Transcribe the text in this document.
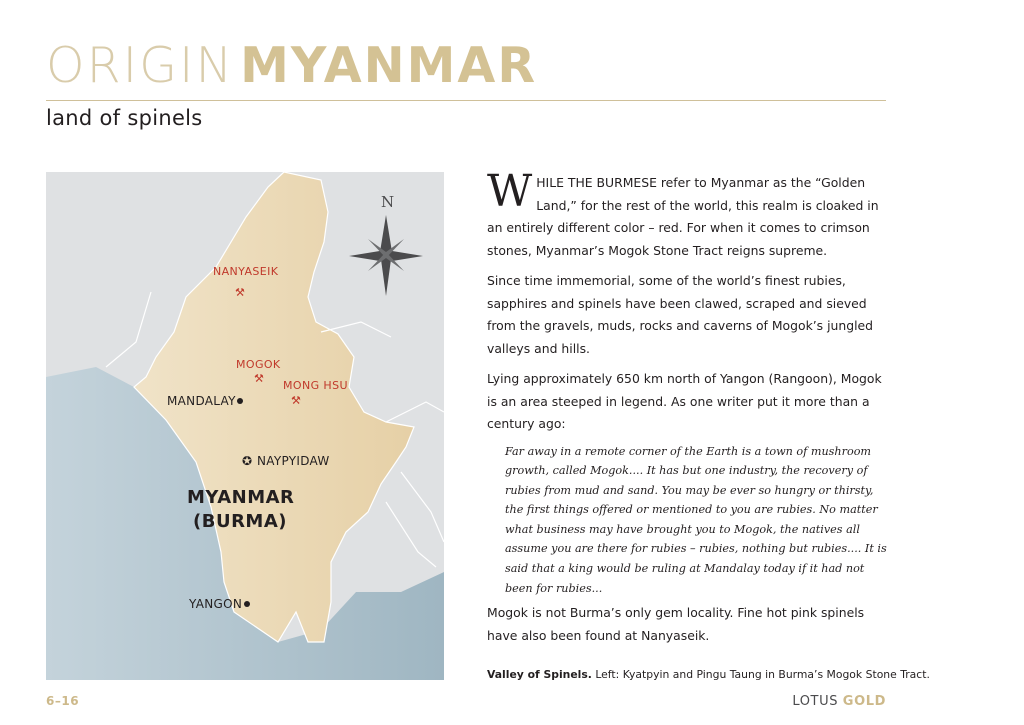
ORIGIN MYANMAR
land of spinels
N
NANYASEIK
⚒
MOGOK
⚒
MONG HSU
⚒
MANDALAY
✪ NAYPYIDAW
YANGON
MYANMAR
(BURMA)

WHILE THE BURMESE refer to Myanmar as the “Golden Land,” for the rest of the world, this realm is cloaked in an entirely different color – red. For when it comes to crimson stones, Myanmar’s Mogok Stone Tract reigns supreme.

Since time immemorial, some of the world’s finest rubies, sapphires and spinels have been clawed, scraped and sieved from the gravels, muds, rocks and caverns of Mogok’s jungled valleys and hills.

Lying approximately 650 km north of Yangon (Rangoon), Mogok is an area steeped in legend. As one writer put it more than a century ago:

Far away in a remote corner of the Earth is a town of mushroom growth, called Mogok.... It has but one industry, the recovery of rubies from mud and sand. You may be ever so hungry or thirsty, the first things offered or mentioned to you are rubies. No matter what business may have brought you to Mogok, the natives all assume you are there for rubies – rubies, nothing but rubies.... It is said that a king would be ruling at Mandalay today if it had not been for rubies...

Mogok is not Burma’s only gem locality. Fine hot pink spinels have also been found at Nanyaseik.

Valley of Spinels. Left: Kyatpyin and Pingu Taung in Burma’s Mogok Stone Tract.
6–16	LOTUS GOLD
